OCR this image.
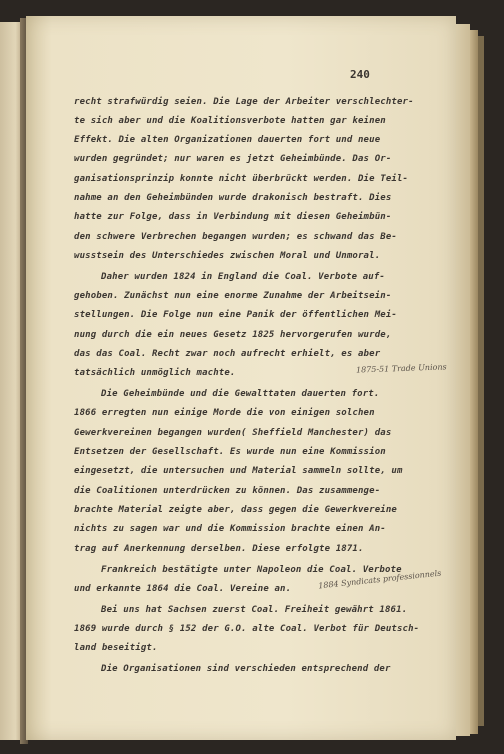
240
recht strafwürdig seien. Die Lage der Arbeiter verschlechter-
te sich aber und die Koalitionsverbote hatten gar keinen
Effekt. Die alten Organizationen dauerten fort und neue
wurden gegründet; nur waren es jetzt Geheimbünde. Das Or-
ganisationsprinzip konnte nicht überbrückt werden. Die Teil-
nahme an den Geheimbünden wurde drakonisch bestraft. Dies
hatte zur Folge, dass in Verbindung mit diesen Geheimbün-
den schwere Verbrechen begangen wurden; es schwand das Be-
wusstsein des Unterschiedes zwischen Moral und Unmoral.
Daher wurden 1824 in England die Coal. Verbote auf-
gehoben. Zunächst nun eine enorme Zunahme der Arbeitsein-
stellungen. Die Folge nun eine Panik der öffentlichen Mei-
nung durch die ein neues Gesetz 1825 hervorgerufen wurde,
das das Coal. Recht zwar noch aufrecht erhielt, es aber
tatsächlich unmöglich machte.
Die Geheimbünde und die Gewalttaten dauerten fort.
1866 erregten nun einige Morde die von einigen solchen
Gewerkvereinen begangen wurden( Sheffield Manchester) das
Entsetzen der Gesellschaft. Es wurde nun eine Kommission
eingesetzt, die untersuchen und Material sammeln sollte, um
die Coalitionen unterdrücken zu können. Das zusammenge-
brachte Material zeigte aber, dass gegen die Gewerkvereine
nichts zu sagen war und die Kommission brachte einen An-
trag auf Anerkennung derselben. Diese erfolgte 1871.
Frankreich bestätigte unter Napoleon die Coal. Verbote
und erkannte 1864 die Coal. Vereine an.
Bei uns hat Sachsen zuerst Coal. Freiheit gewährt 1861.
1869 wurde durch § 152 der G.O. alte Coal. Verbot für Deutsch-
land beseitigt.
Die Organisationen sind verschieden entsprechend der
1875-51 Trade Unions
1884 Syndicats professionnels
